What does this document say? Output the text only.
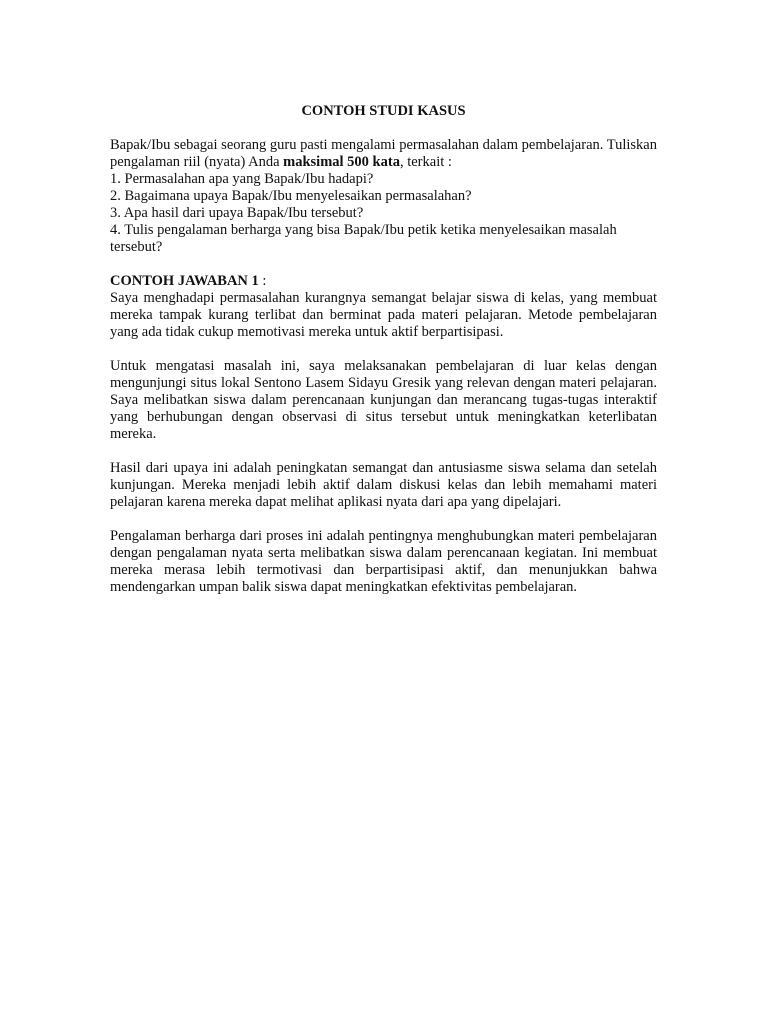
CONTOH STUDI KASUS

Bapak/Ibu sebagai seorang guru pasti mengalami permasalahan dalam pembelajaran. Tuliskan pengalaman riil (nyata) Anda maksimal 500 kata, terkait :

1. Permasalahan apa yang Bapak/Ibu hadapi?
2. Bagaimana upaya Bapak/Ibu menyelesaikan permasalahan?
3. Apa hasil dari upaya Bapak/Ibu tersebut?
4. Tulis pengalaman berharga yang bisa Bapak/Ibu petik ketika menyelesaikan masalah tersebut?

CONTOH JAWABAN 1 :

Saya menghadapi permasalahan kurangnya semangat belajar siswa di kelas, yang membuat mereka tampak kurang terlibat dan berminat pada materi pelajaran. Metode pembelajaran yang ada tidak cukup memotivasi mereka untuk aktif berpartisipasi.

Untuk mengatasi masalah ini, saya melaksanakan pembelajaran di luar kelas dengan mengunjungi situs lokal Sentono Lasem Sidayu Gresik yang relevan dengan materi pelajaran. Saya melibatkan siswa dalam perencanaan kunjungan dan merancang tugas-tugas interaktif yang berhubungan dengan observasi di situs tersebut untuk meningkatkan keterlibatan mereka.

Hasil dari upaya ini adalah peningkatan semangat dan antusiasme siswa selama dan setelah kunjungan. Mereka menjadi lebih aktif dalam diskusi kelas dan lebih memahami materi pelajaran karena mereka dapat melihat aplikasi nyata dari apa yang dipelajari.

Pengalaman berharga dari proses ini adalah pentingnya menghubungkan materi pembelajaran dengan pengalaman nyata serta melibatkan siswa dalam perencanaan kegiatan. Ini membuat mereka merasa lebih termotivasi dan berpartisipasi aktif, dan menunjukkan bahwa mendengarkan umpan balik siswa dapat meningkatkan efektivitas pembelajaran.
